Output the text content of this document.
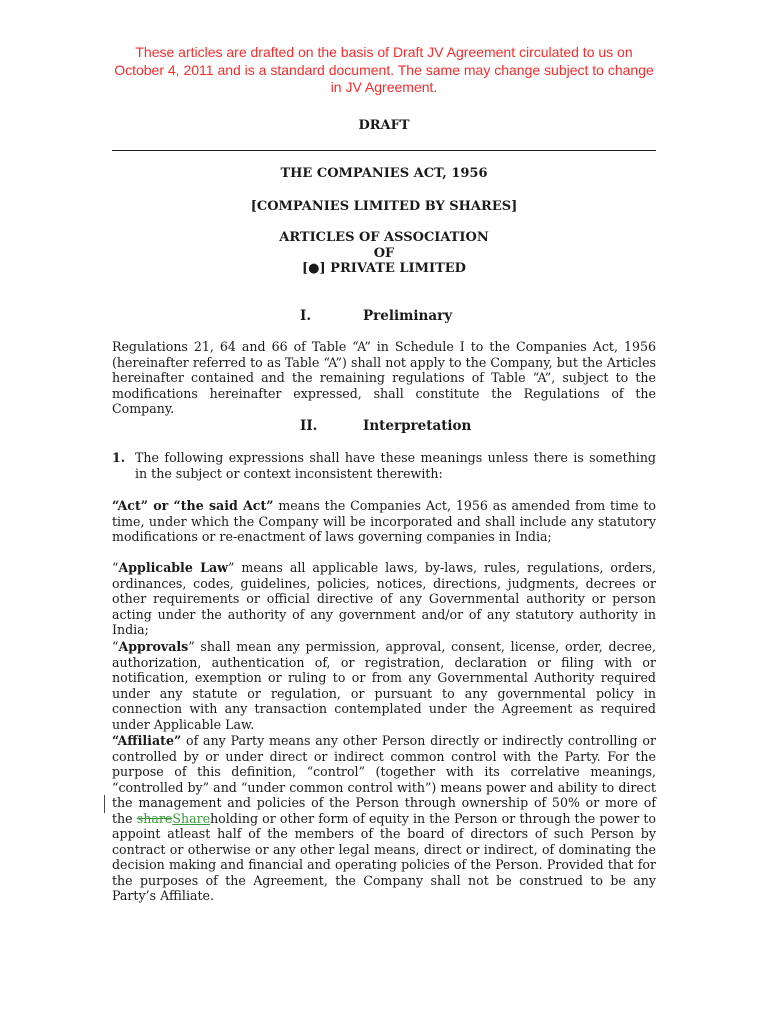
These articles are drafted on the basis of Draft JV Agreement circulated to us on October 4, 2011 and is a standard document. The same may change subject to change in JV Agreement.
DRAFT
THE COMPANIES ACT, 1956
[COMPANIES LIMITED BY SHARES]
ARTICLES OF ASSOCIATION
OF
[●] PRIVATE LIMITED
I.	Preliminary
Regulations 21, 64 and 66 of Table “A” in Schedule I to the Companies Act, 1956 (hereinafter referred to as Table “A”) shall not apply to the Company, but the Articles hereinafter contained and the remaining regulations of Table “A”, subject to the modifications hereinafter expressed, shall constitute the Regulations of the Company.
II.	Interpretation
1. The following expressions shall have these meanings unless there is something in the subject or context inconsistent therewith:
“Act” or “the said Act” means the Companies Act, 1956 as amended from time to time, under which the Company will be incorporated and shall include any statutory modifications or re-enactment of laws governing companies in India;
“Applicable Law” means all applicable laws, by-laws, rules, regulations, orders, ordinances, codes, guidelines, policies, notices, directions, judgments, decrees or other requirements or official directive of any Governmental authority or person acting under the authority of any government and/or of any statutory authority in India;
“Approvals” shall mean any permission, approval, consent, license, order, decree, authorization, authentication of, or registration, declaration or filing with or notification, exemption or ruling to or from any Governmental Authority required under any statute or regulation, or pursuant to any governmental policy in connection with any transaction contemplated under the Agreement as required under Applicable Law.
“Affiliate” of any Party means any other Person directly or indirectly controlling or controlled by or under direct or indirect common control with the Party. For the purpose of this definition, “control” (together with its correlative meanings, “controlled by” and “under common control with”) means power and ability to direct the management and policies of the Person through ownership of 50% or more of the shareShareholding or other form of equity in the Person or through the power to appoint atleast half of the members of the board of directors of such Person by contract or otherwise or any other legal means, direct or indirect, of dominating the decision making and financial and operating policies of the Person. Provided that for the purposes of the Agreement, the Company shall not be construed to be any Party’s Affiliate.
